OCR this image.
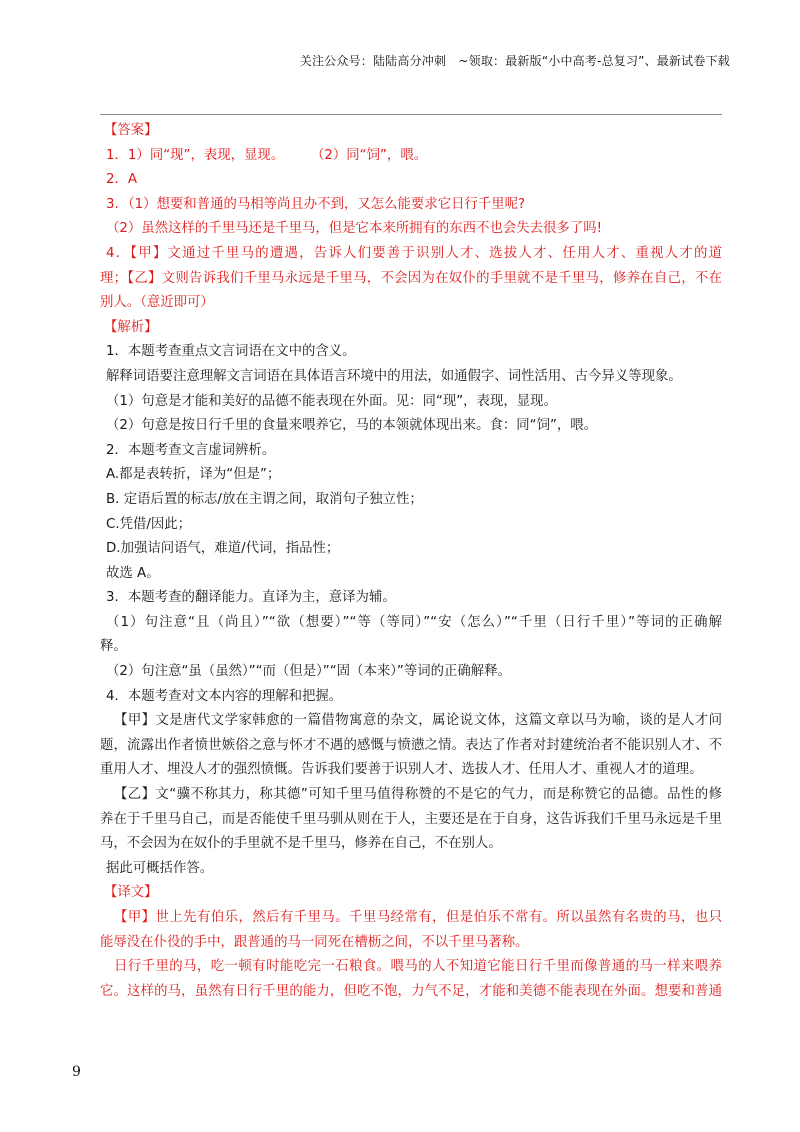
关注公众号：陆陆高分冲刺　~领取：最新版“小中高考-总复习”、最新试卷下载
【答案】
1．1）同“现”，表现，显现。　　　（2）同“饲”，喂。
2．A
3．（1）想要和普通的马相等尚且办不到，又怎么能要求它日行千里呢?
（2）虽然这样的千里马还是千里马，但是它本来所拥有的东西不也会失去很多了吗!
4．【甲】文通过千里马的遭遇，告诉人们要善于识别人才、选拔人才、任用人才、重视人才的道
理；【乙】文则告诉我们千里马永远是千里马，不会因为在奴仆的手里就不是千里马，修养在自己，不在
别人。（意近即可）
【解析】
1．本题考查重点文言词语在文中的含义。
解释词语要注意理解文言词语在具体语言环境中的用法，如通假字、词性活用、古今异义等现象。
（1）句意是才能和美好的品德不能表现在外面。见：同“现”，表现，显现。
（2）句意是按日行千里的食量来喂养它，马的本领就体现出来。食：同“饲”，喂。
2．本题考查文言虚词辨析。
A.都是表转折，译为“但是”；
B. 定语后置的标志/放在主谓之间，取消句子独立性；
C.凭借/因此；
D.加强诘问语气，难道/代词，指品性；
故选 A。
3．本题考查的翻译能力。直译为主，意译为辅。
（1）句注意“且（尚且）”“欲（想要）”“等（等同）”“安（怎么）”“千里（日行千里）”等词的正确解
释。
（2）句注意“虽（虽然）”“而（但是）”“固（本来）”等词的正确解释。
4．本题考查对文本内容的理解和把握。
【甲】文是唐代文学家韩愈的一篇借物寓意的杂文，属论说文体，这篇文章以马为喻，谈的是人才问
题，流露出作者愤世嫉俗之意与怀才不遇的感慨与愤懑之情。表达了作者对封建统治者不能识别人才、不
重用人才、埋没人才的强烈愤慨。告诉我们要善于识别人才、选拔人才、任用人才、重视人才的道理。
【乙】文“骥不称其力，称其德”可知千里马值得称赞的不是它的气力，而是称赞它的品德。品性的修
养在于千里马自己，而是否能使千里马驯从则在于人，主要还是在于自身，这告诉我们千里马永远是千里
马，不会因为在奴仆的手里就不是千里马，修养在自己，不在别人。
据此可概括作答。
【译文】
【甲】世上先有伯乐，然后有千里马。千里马经常有，但是伯乐不常有。所以虽然有名贵的马，也只
能辱没在仆役的手中，跟普通的马一同死在槽枥之间，不以千里马著称。
日行千里的马，吃一顿有时能吃完一石粮食。喂马的人不知道它能日行千里而像普通的马一样来喂养
它。这样的马，虽然有日行千里的能力，但吃不饱，力气不足，才能和美德不能表现在外面。想要和普通
9
